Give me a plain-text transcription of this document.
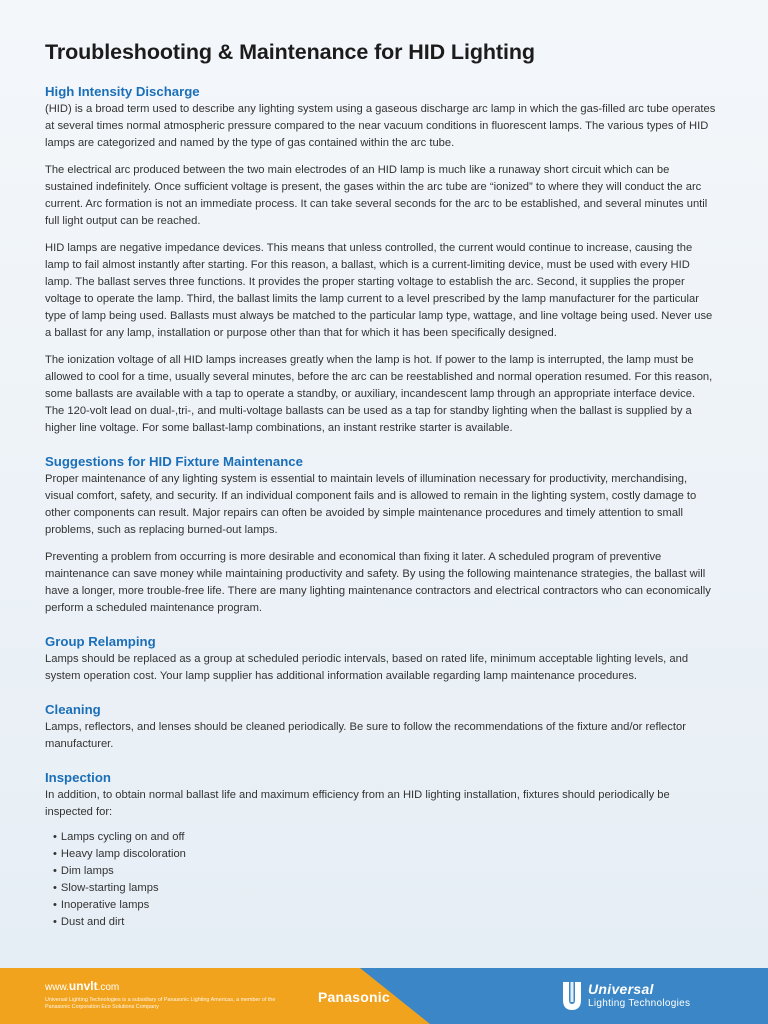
Troubleshooting & Maintenance for HID Lighting
High Intensity Discharge

(HID) is a broad term used to describe any lighting system using a gaseous discharge arc lamp in which the gas-filled arc tube operates at several times normal atmospheric pressure compared to the near vacuum conditions in fluorescent lamps. The various types of HID lamps are categorized and named by the type of gas contained within the arc tube.

The electrical arc produced between the two main electrodes of an HID lamp is much like a runaway short circuit which can be sustained indefinitely. Once sufficient voltage is present, the gases within the arc tube are “ionized” to where they will conduct the arc current. Arc formation is not an immediate process. It can take several seconds for the arc to be established, and several minutes until full light output can be reached.

HID lamps are negative impedance devices. This means that unless controlled, the current would continue to increase, causing the lamp to fail almost instantly after starting. For this reason, a ballast, which is a current-limiting device, must be used with every HID lamp. The ballast serves three functions. It provides the proper starting voltage to establish the arc. Second, it supplies the proper voltage to operate the lamp. Third, the ballast limits the lamp current to a level prescribed by the lamp manufacturer for the particular type of lamp being used. Ballasts must always be matched to the particular lamp type, wattage, and line voltage being used. Never use a ballast for any lamp, installation or purpose other than that for which it has been specifically designed.

The ionization voltage of all HID lamps increases greatly when the lamp is hot. If power to the lamp is interrupted, the lamp must be allowed to cool for a time, usually several minutes, before the arc can be reestablished and normal operation resumed. For this reason, some ballasts are available with a tap to operate a standby, or auxiliary, incandescent lamp through an appropriate interface device. The 120-volt lead on dual-,tri-, and multi-voltage ballasts can be used as a tap for standby lighting when the ballast is supplied by a higher line voltage. For some ballast-lamp combinations, an instant restrike starter is available.

Suggestions for HID Fixture Maintenance

Proper maintenance of any lighting system is essential to maintain levels of illumination necessary for productivity, merchandising, visual comfort, safety, and security. If an individual component fails and is allowed to remain in the lighting system, costly damage to other components can result. Major repairs can often be avoided by simple maintenance procedures and timely attention to small problems, such as replacing burned-out lamps.

Preventing a problem from occurring is more desirable and economical than fixing it later. A scheduled program of preventive maintenance can save money while maintaining productivity and safety. By using the following maintenance strategies, the ballast will have a longer, more trouble-free life. There are many lighting maintenance contractors and electrical contractors who can economically perform a scheduled maintenance program.

Group Relamping

Lamps should be replaced as a group at scheduled periodic intervals, based on rated life, minimum acceptable lighting levels, and system operation cost. Your lamp supplier has additional information available regarding lamp maintenance procedures.

Cleaning

Lamps, reflectors, and lenses should be cleaned periodically. Be sure to follow the recommendations of the fixture and/or reflector manufacturer.

Inspection

In addition, to obtain normal ballast life and maximum efficiency from an HID lighting installation, fixtures should periodically be inspected for:

• Lamps cycling on and off
• Heavy lamp discoloration
• Dim lamps
• Slow-starting lamps
• Inoperative lamps
• Dust and dirt
www.unvlt.com
Universal Lighting Technologies is a subsidiary of Panasonic Lighting Americas, a member of the Panasonic Corporation Eco Solutions Company
Panasonic	Universal
Lighting Technologies
